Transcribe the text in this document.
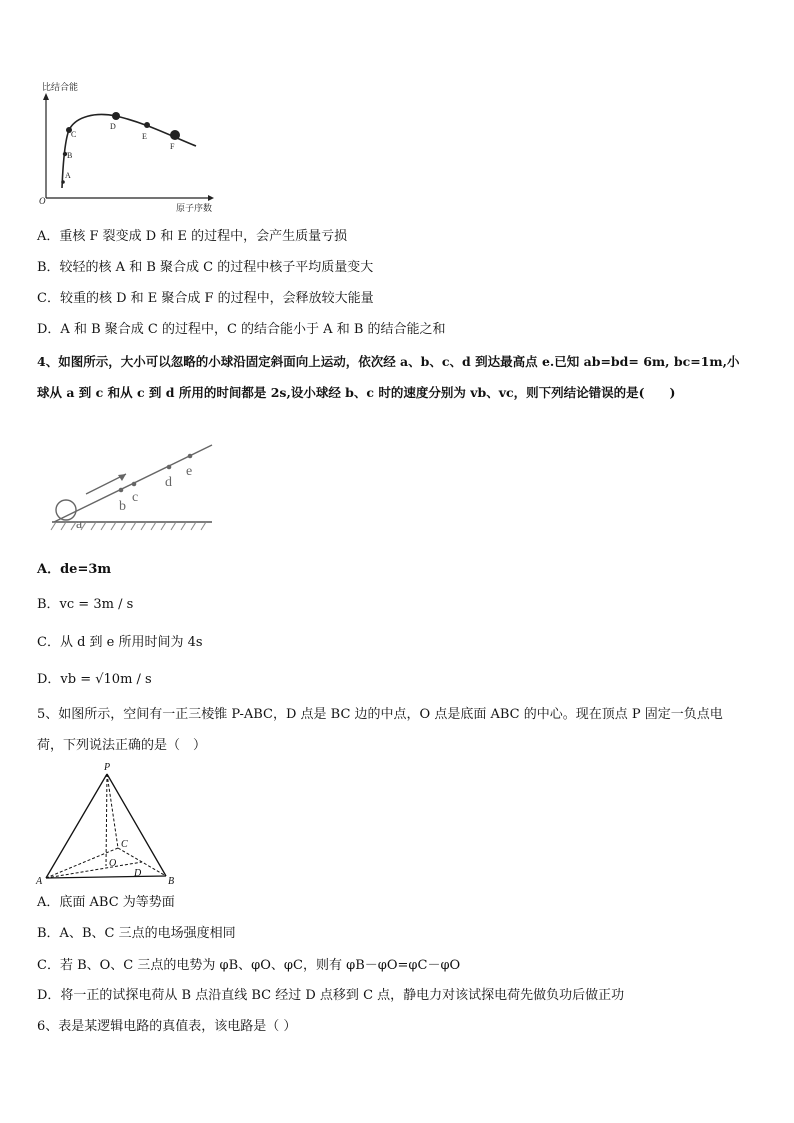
比结合能
原子序数
O
A
B
C
D
E
F
A．重核 F 裂变成 D 和 E 的过程中，会产生质量亏损
B．较轻的核 A 和 B 聚合成 C 的过程中核子平均质量变大
C．较重的核 D 和 E 聚合成 F 的过程中，会释放较大能量
D．A 和 B 聚合成 C 的过程中，C 的结合能小于 A 和 B 的结合能之和
4、如图所示，大小可以忽略的小球沿固定斜面向上运动，依次经 a、b、c、d 到达最高点 e.已知 ab=bd= 6m, bc=1m,小
球从 a 到 c 和从 c 到 d 所用的时间都是 2s,设小球经 b、c 时的速度分别为 vb、vc，则下列结论错误的是(　　)
a
b
c
d
e
A．de=3m
B．vc = 3m / s
C．从 d 到 e 所用时间为 4s
D．vb = √10m / s
5、如图所示，空间有一正三棱锥 P-ABC，D 点是 BC 边的中点，O 点是底面 ABC 的中心。现在顶点 P 固定一负点电
荷，下列说法正确的是（　）
P
A	B
C
O
D
A．底面 ABC 为等势面
B．A、B、C 三点的电场强度相同
C．若 B、O、C 三点的电势为 φB、φO、φC，则有 φB－φO=φC－φO
D．将一正的试探电荷从 B 点沿直线 BC 经过 D 点移到 C 点，静电力对该试探电荷先做负功后做正功
6、表是某逻辑电路的真值表，该电路是（ ）
